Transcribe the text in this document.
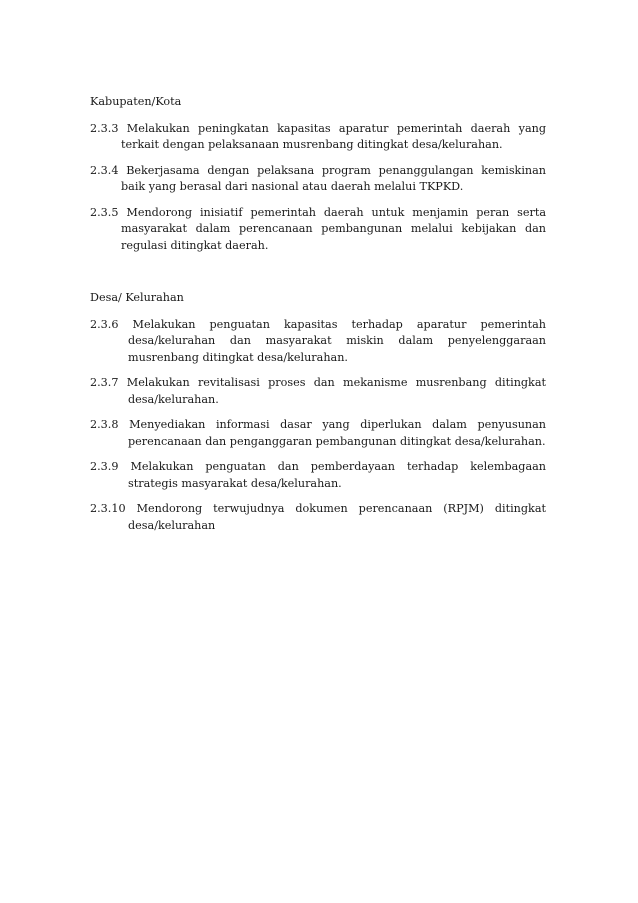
Kabupaten/Kota
2.3.3 Melakukan peningkatan kapasitas aparatur pemerintah daerah yang terkait dengan pelaksanaan musrenbang ditingkat desa/kelurahan.
2.3.4 Bekerjasama dengan pelaksana program penanggulangan kemiskinan baik yang berasal dari nasional atau daerah melalui TKPKD.
2.3.5 Mendorong inisiatif pemerintah daerah untuk menjamin peran serta masyarakat dalam perencanaan pembangunan melalui kebijakan dan regulasi ditingkat daerah.
Desa/ Kelurahan
2.3.6 Melakukan penguatan kapasitas terhadap aparatur pemerintah desa/kelurahan dan masyarakat miskin dalam penyelenggaraan musrenbang ditingkat desa/kelurahan.
2.3.7 Melakukan revitalisasi proses dan mekanisme musrenbang ditingkat desa/kelurahan.
2.3.8 Menyediakan informasi dasar yang diperlukan dalam penyusunan perencanaan dan penganggaran pembangunan ditingkat desa/kelurahan.
2.3.9 Melakukan penguatan dan pemberdayaan terhadap kelembagaan strategis masyarakat desa/kelurahan.
2.3.10 Mendorong terwujudnya dokumen perencanaan (RPJM) ditingkat desa/kelurahan
